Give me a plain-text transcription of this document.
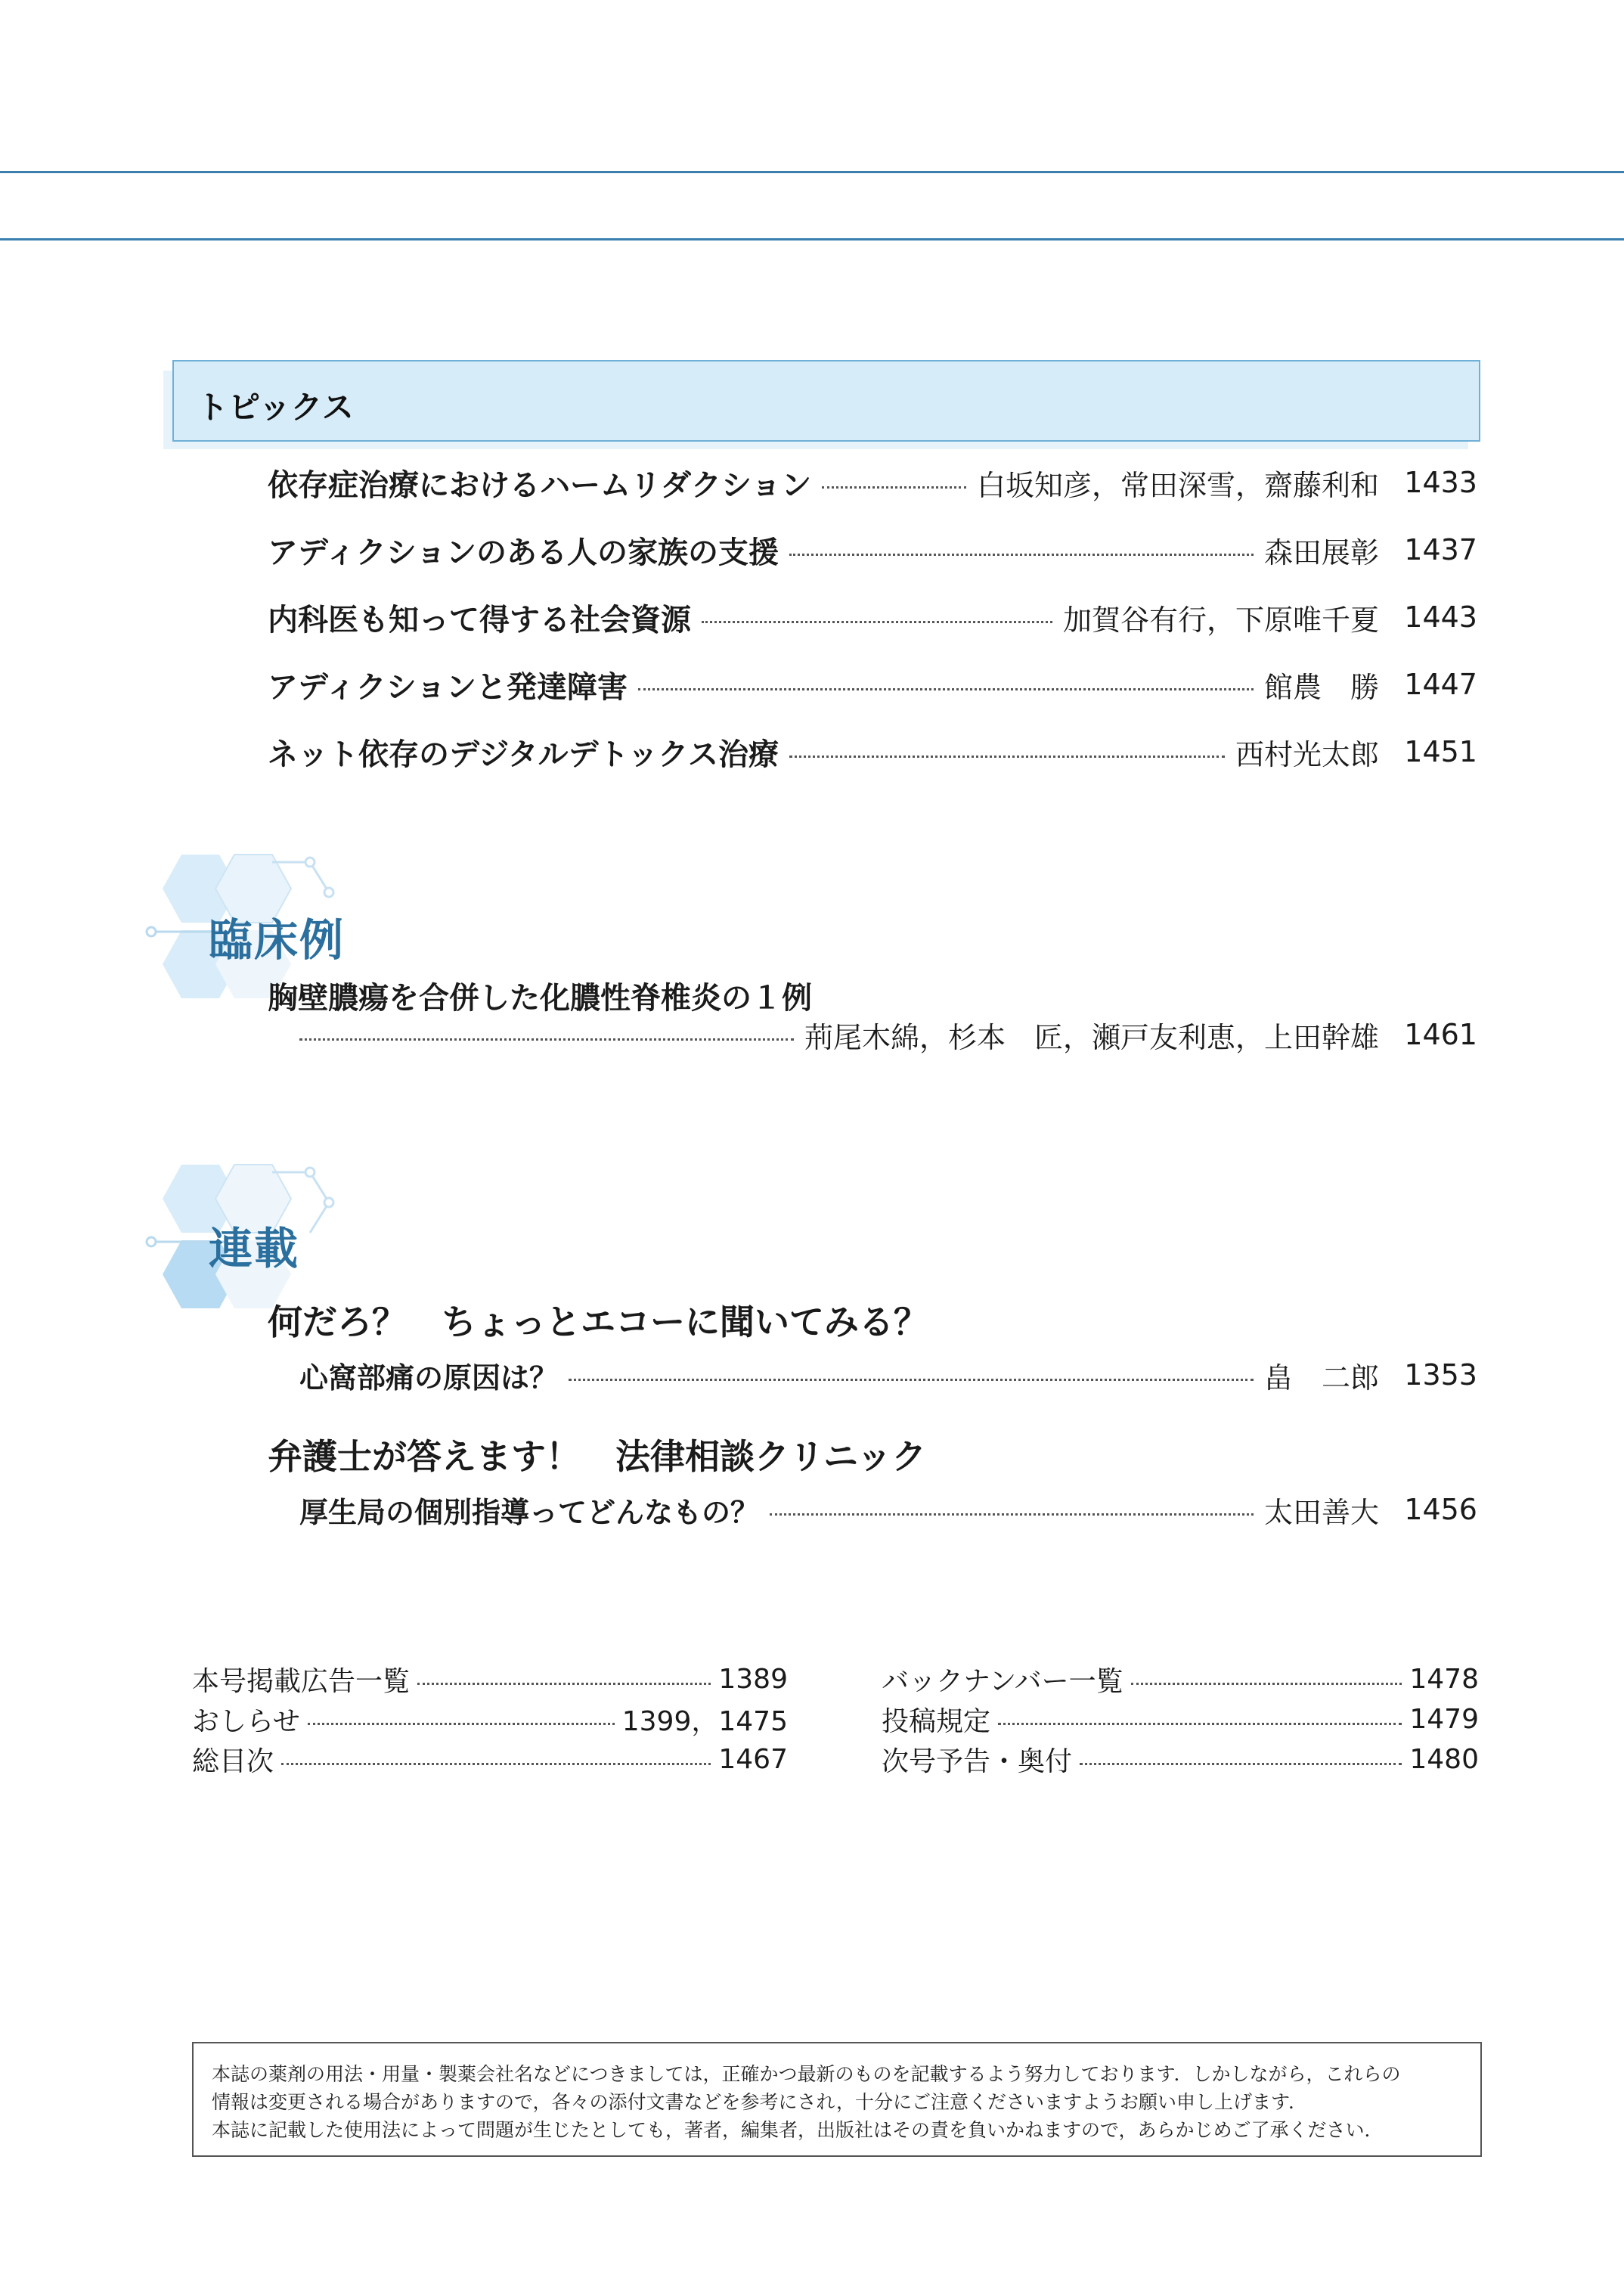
トピックス
依存症治療におけるハームリダクション	白坂知彦，常田深雪，齋藤利和 1433
アディクションのある人の家族の支援	森田展彰 1437
内科医も知って得する社会資源	加賀谷有行，下原唯千夏 1443
アディクションと発達障害	館農　勝 1447
ネット依存のデジタルデトックス治療	西村光太郎 1451
臨床例
胸壁膿瘍を合併した化膿性脊椎炎の１例
荊尾木綿，杉本　匠，瀬戸友利恵，上田幹雄 1461
連載
何だろ？　ちょっとエコーに聞いてみる？
心窩部痛の原因は？	畠　二郎 1353
弁護士が答えます！　法律相談クリニック
厚生局の個別指導ってどんなもの？	太田善大 1456
本号掲載広告一覧	1389
おしらせ	1399，1475
総目次	1467
バックナンバー一覧	1478
投稿規定	1479
次号予告・奥付	1480
本誌の薬剤の用法・用量・製薬会社名などにつきましては，正確かつ最新のものを記載するよう努力しております．しかしながら，これらの
情報は変更される場合がありますので，各々の添付文書などを参考にされ，十分にご注意くださいますようお願い申し上げます．
本誌に記載した使用法によって問題が生じたとしても，著者，編集者，出版社はその責を負いかねますので，あらかじめご了承ください．
